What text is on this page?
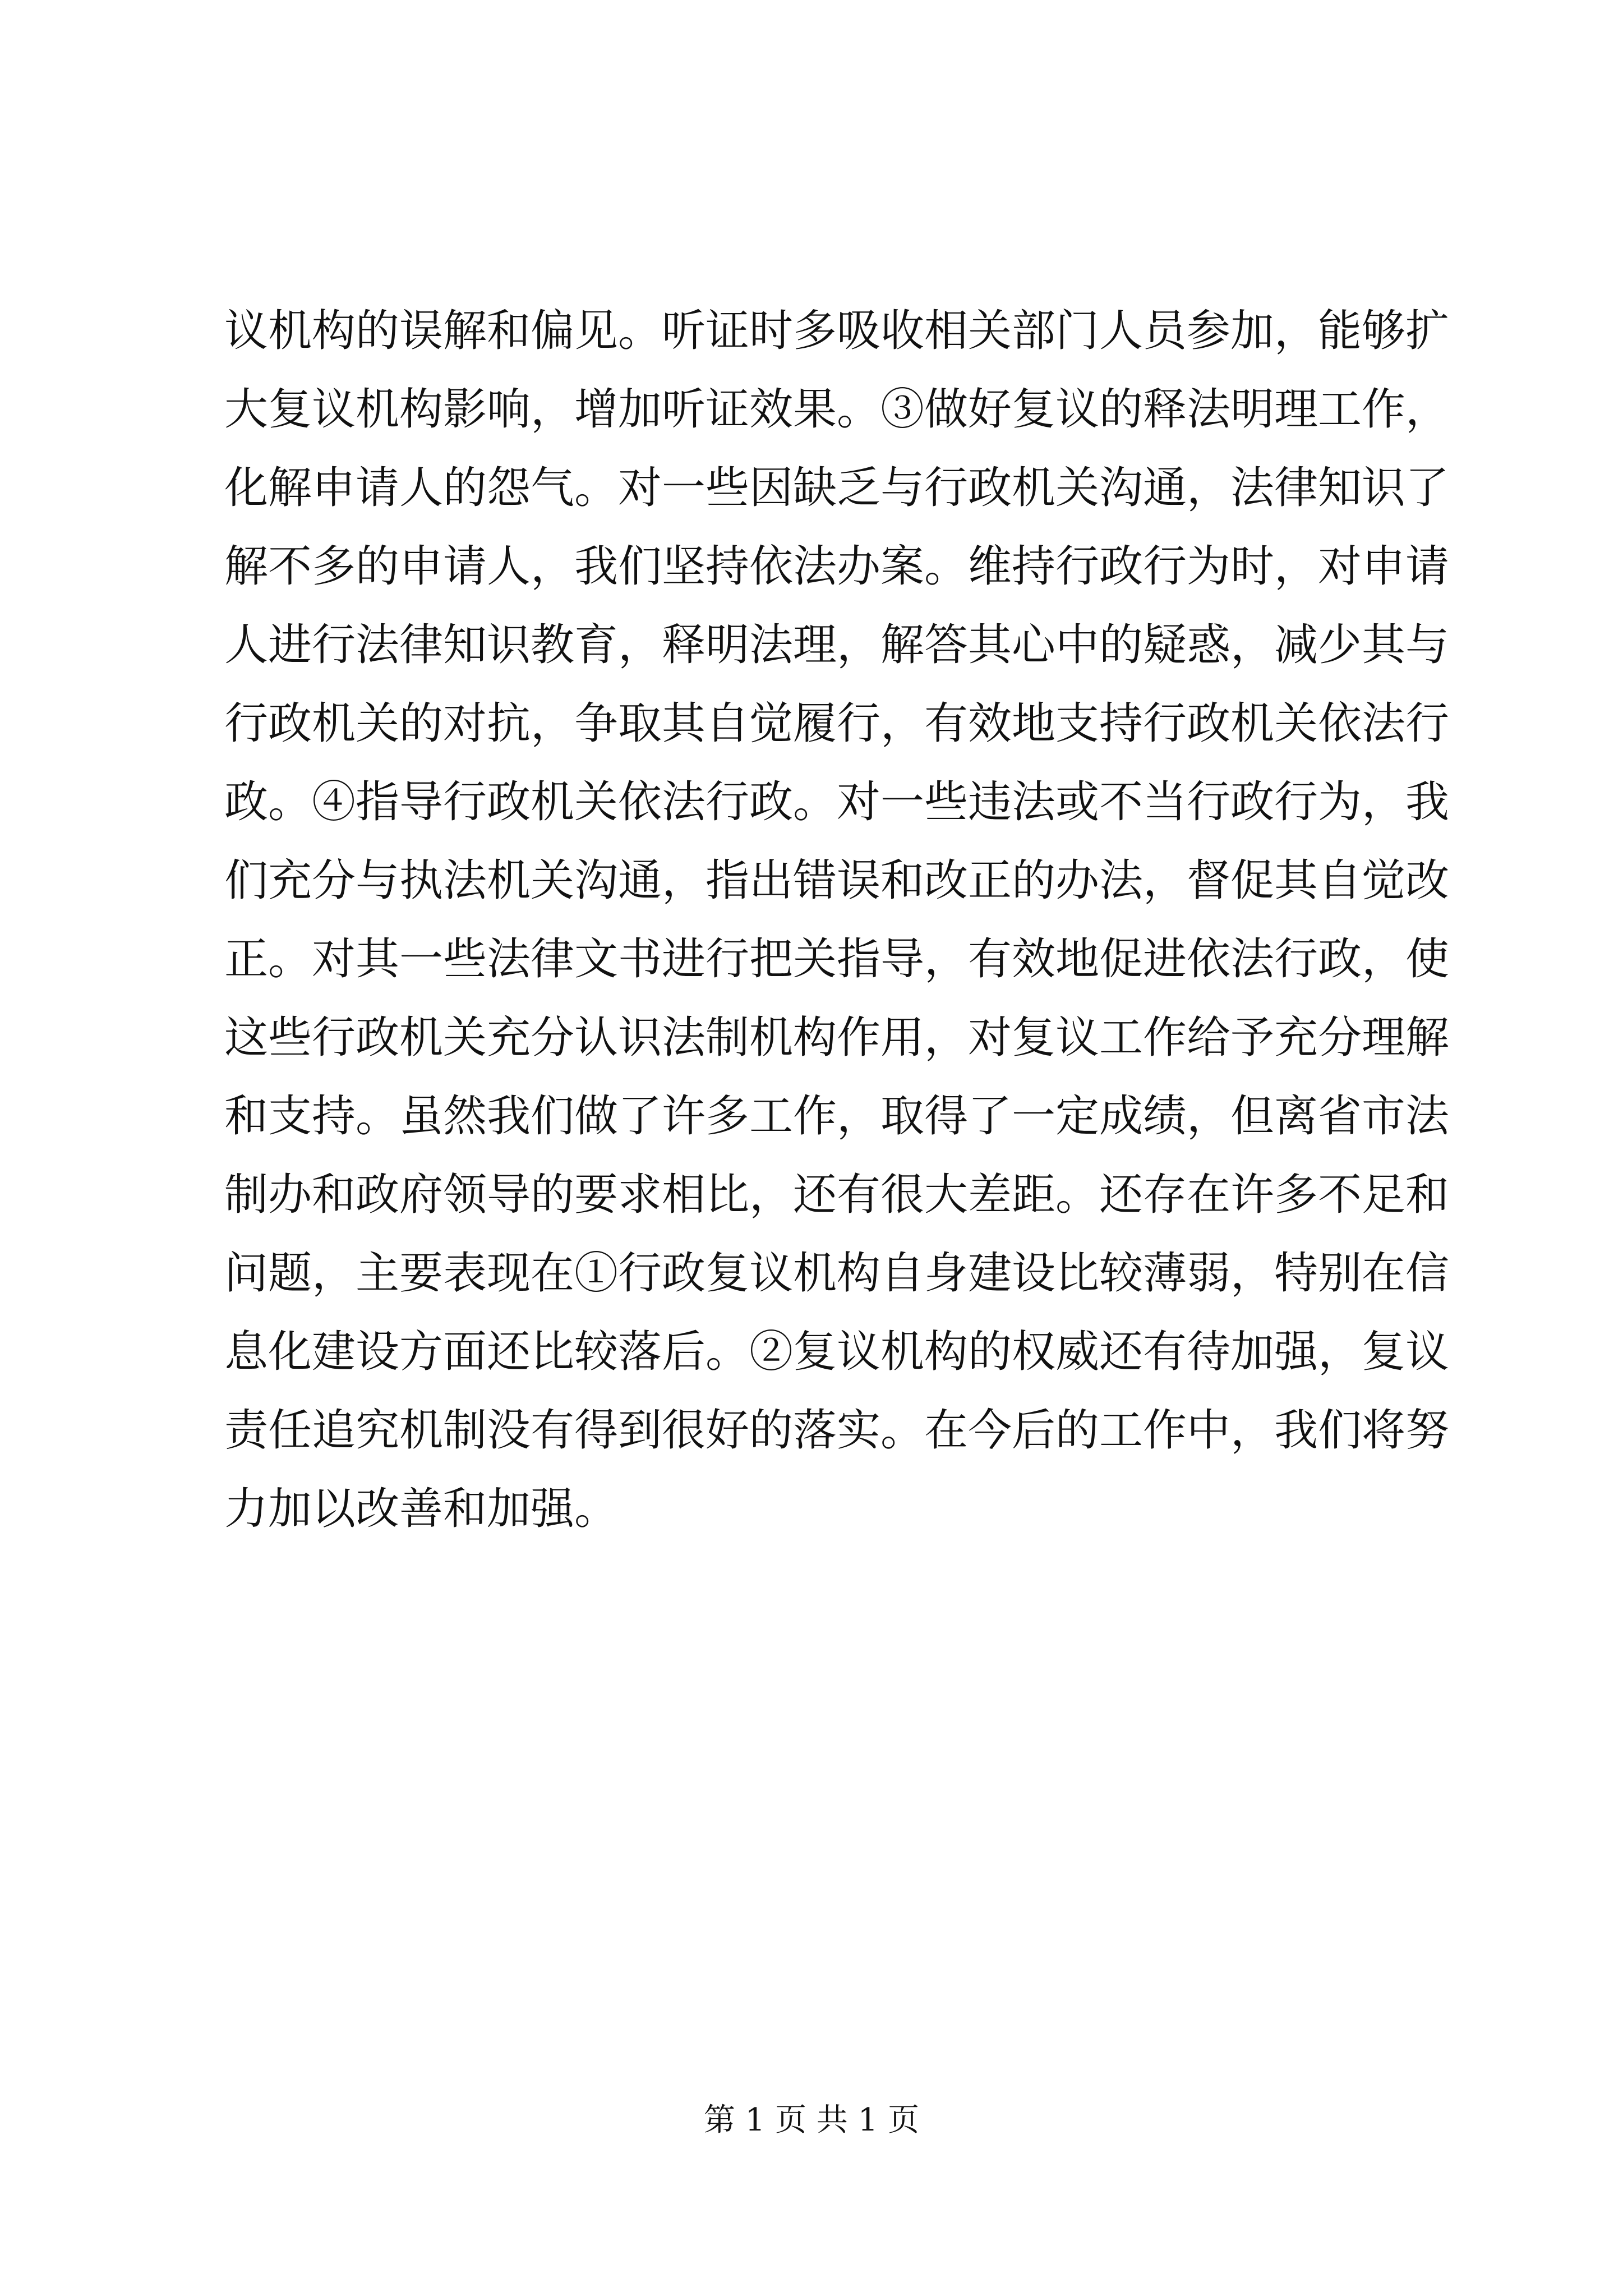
议机构的误解和偏见。听证时多吸收相关部门人员参加，能够扩
大复议机构影响，增加听证效果。③做好复议的释法明理工作，
化解申请人的怨气。对一些因缺乏与行政机关沟通，法律知识了
解不多的申请人，我们坚持依法办案。维持行政行为时，对申请
人进行法律知识教育，释明法理，解答其心中的疑惑，减少其与
行政机关的对抗，争取其自觉履行，有效地支持行政机关依法行
政。④指导行政机关依法行政。对一些违法或不当行政行为，我
们充分与执法机关沟通，指出错误和改正的办法，督促其自觉改
正。对其一些法律文书进行把关指导，有效地促进依法行政，使
这些行政机关充分认识法制机构作用，对复议工作给予充分理解
和支持。虽然我们做了许多工作，取得了一定成绩，但离省市法
制办和政府领导的要求相比，还有很大差距。还存在许多不足和
问题，主要表现在①行政复议机构自身建设比较薄弱，特别在信
息化建设方面还比较落后。②复议机构的权威还有待加强，复议
责任追究机制没有得到很好的落实。在今后的工作中，我们将努
力加以改善和加强。
第 1 页 共 1 页
